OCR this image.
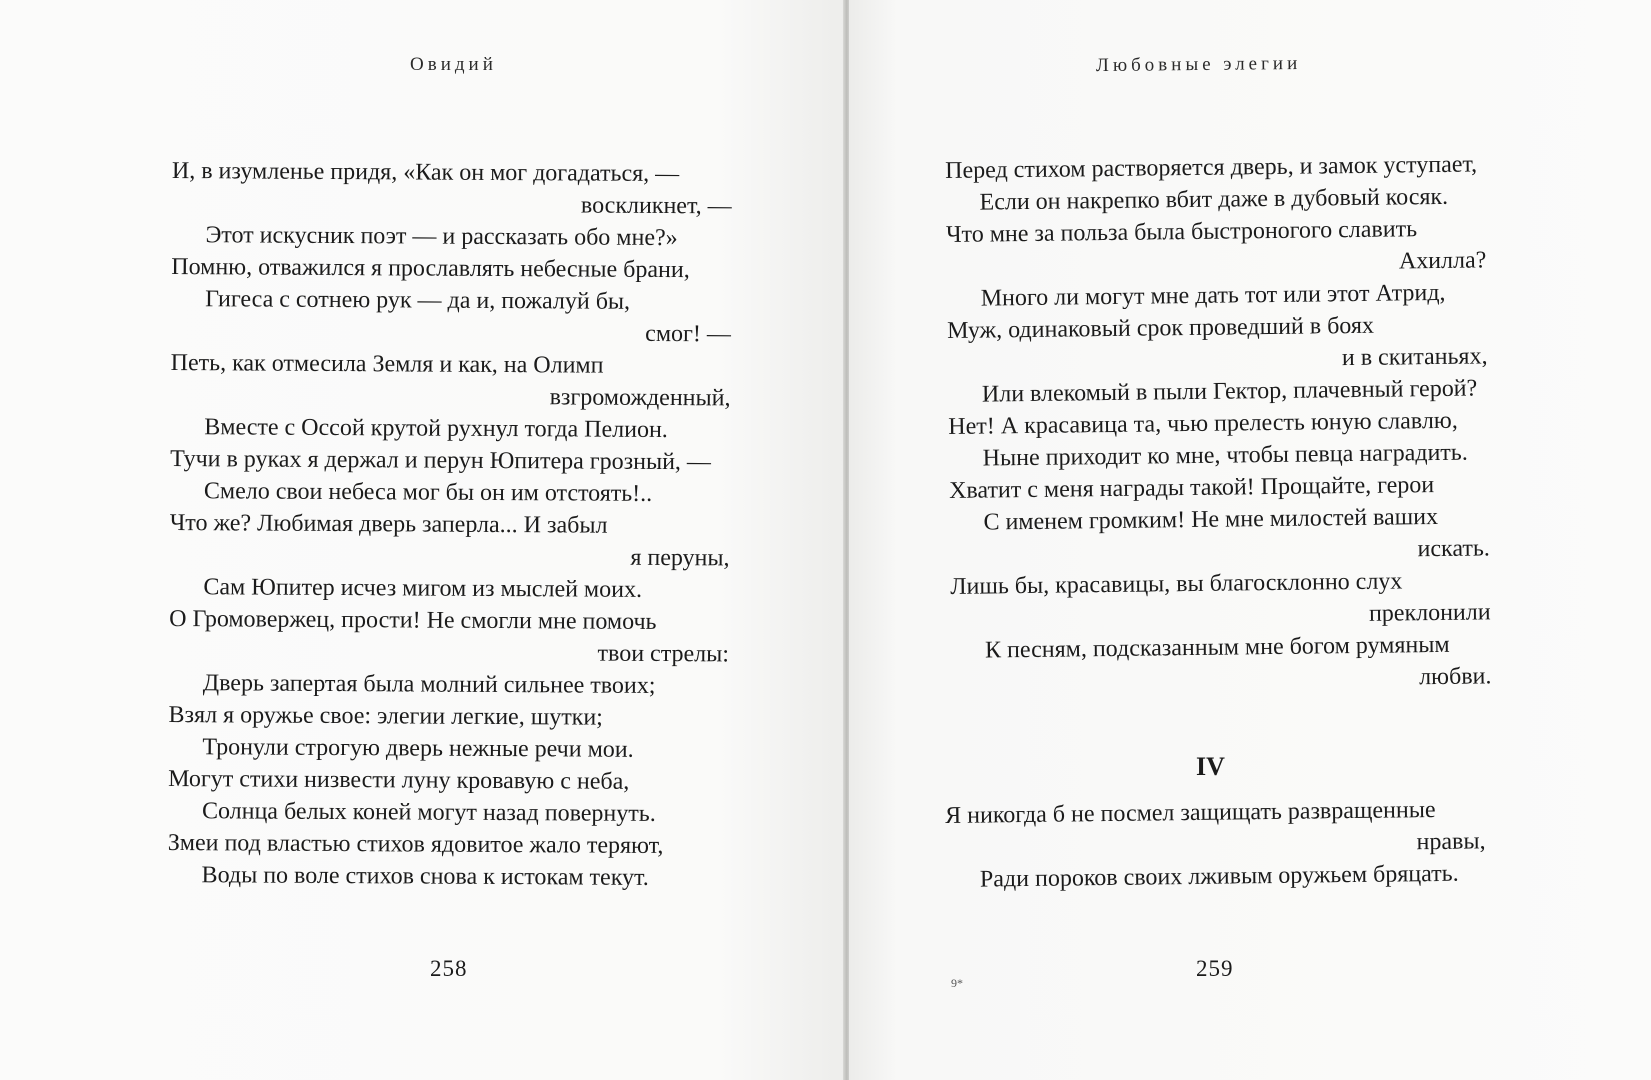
Овидий
И, в изумленье придя, «Как он мог догадаться, —
воскликнет, —
Этот искусник поэт — и рассказать обо мне?»
Помню, отважился я прославлять небесные брани,
Гигеса с сотнею рук — да и, пожалуй бы,
смог! —
Петь, как отмесила Земля и как, на Олимп
взгроможденный,
Вместе с Оссой крутой рухнул тогда Пелион.
Тучи в руках я держал и перун Юпитера грозный, —
Смело свои небеса мог бы он им отстоять!..
Что же? Любимая дверь заперла... И забыл
я перуны,
Сам Юпитер исчез мигом из мыслей моих.
О Громовержец, прости! Не смогли мне помочь
твои стрелы:
Дверь запертая была молний сильнее твоих;
Взял я оружье свое: элегии легкие, шутки;
Тронули строгую дверь нежные речи мои.
Могут стихи низвести луну кровавую с неба,
Солнца белых коней могут назад повернуть.
Змеи под властью стихов ядовитое жало теряют,
Воды по воле стихов снова к истокам текут.
258
Любовные элегии
259
9*
Перед стихом растворяется дверь, и замок уступает,
Если он накрепко вбит даже в дубовый косяк.
Что мне за польза была быстроногого славить
Ахилла?
Много ли могут мне дать тот или этот Атрид,
Муж, одинаковый срок проведший в боях
и в скитаньях,
Или влекомый в пыли Гектор, плачевный герой?
Нет! А красавица та, чью прелесть юную славлю,
Ныне приходит ко мне, чтобы певца наградить.
Хватит с меня награды такой! Прощайте, герои
С именем громким! Не мне милостей ваших
искать.
Лишь бы, красавицы, вы благосклонно слух
преклонили
К песням, подсказанным мне богом румяным
любви.
IV
Я никогда б не посмел защищать развращенные
нравы,
Ради пороков своих лживым оружьем бряцать.
